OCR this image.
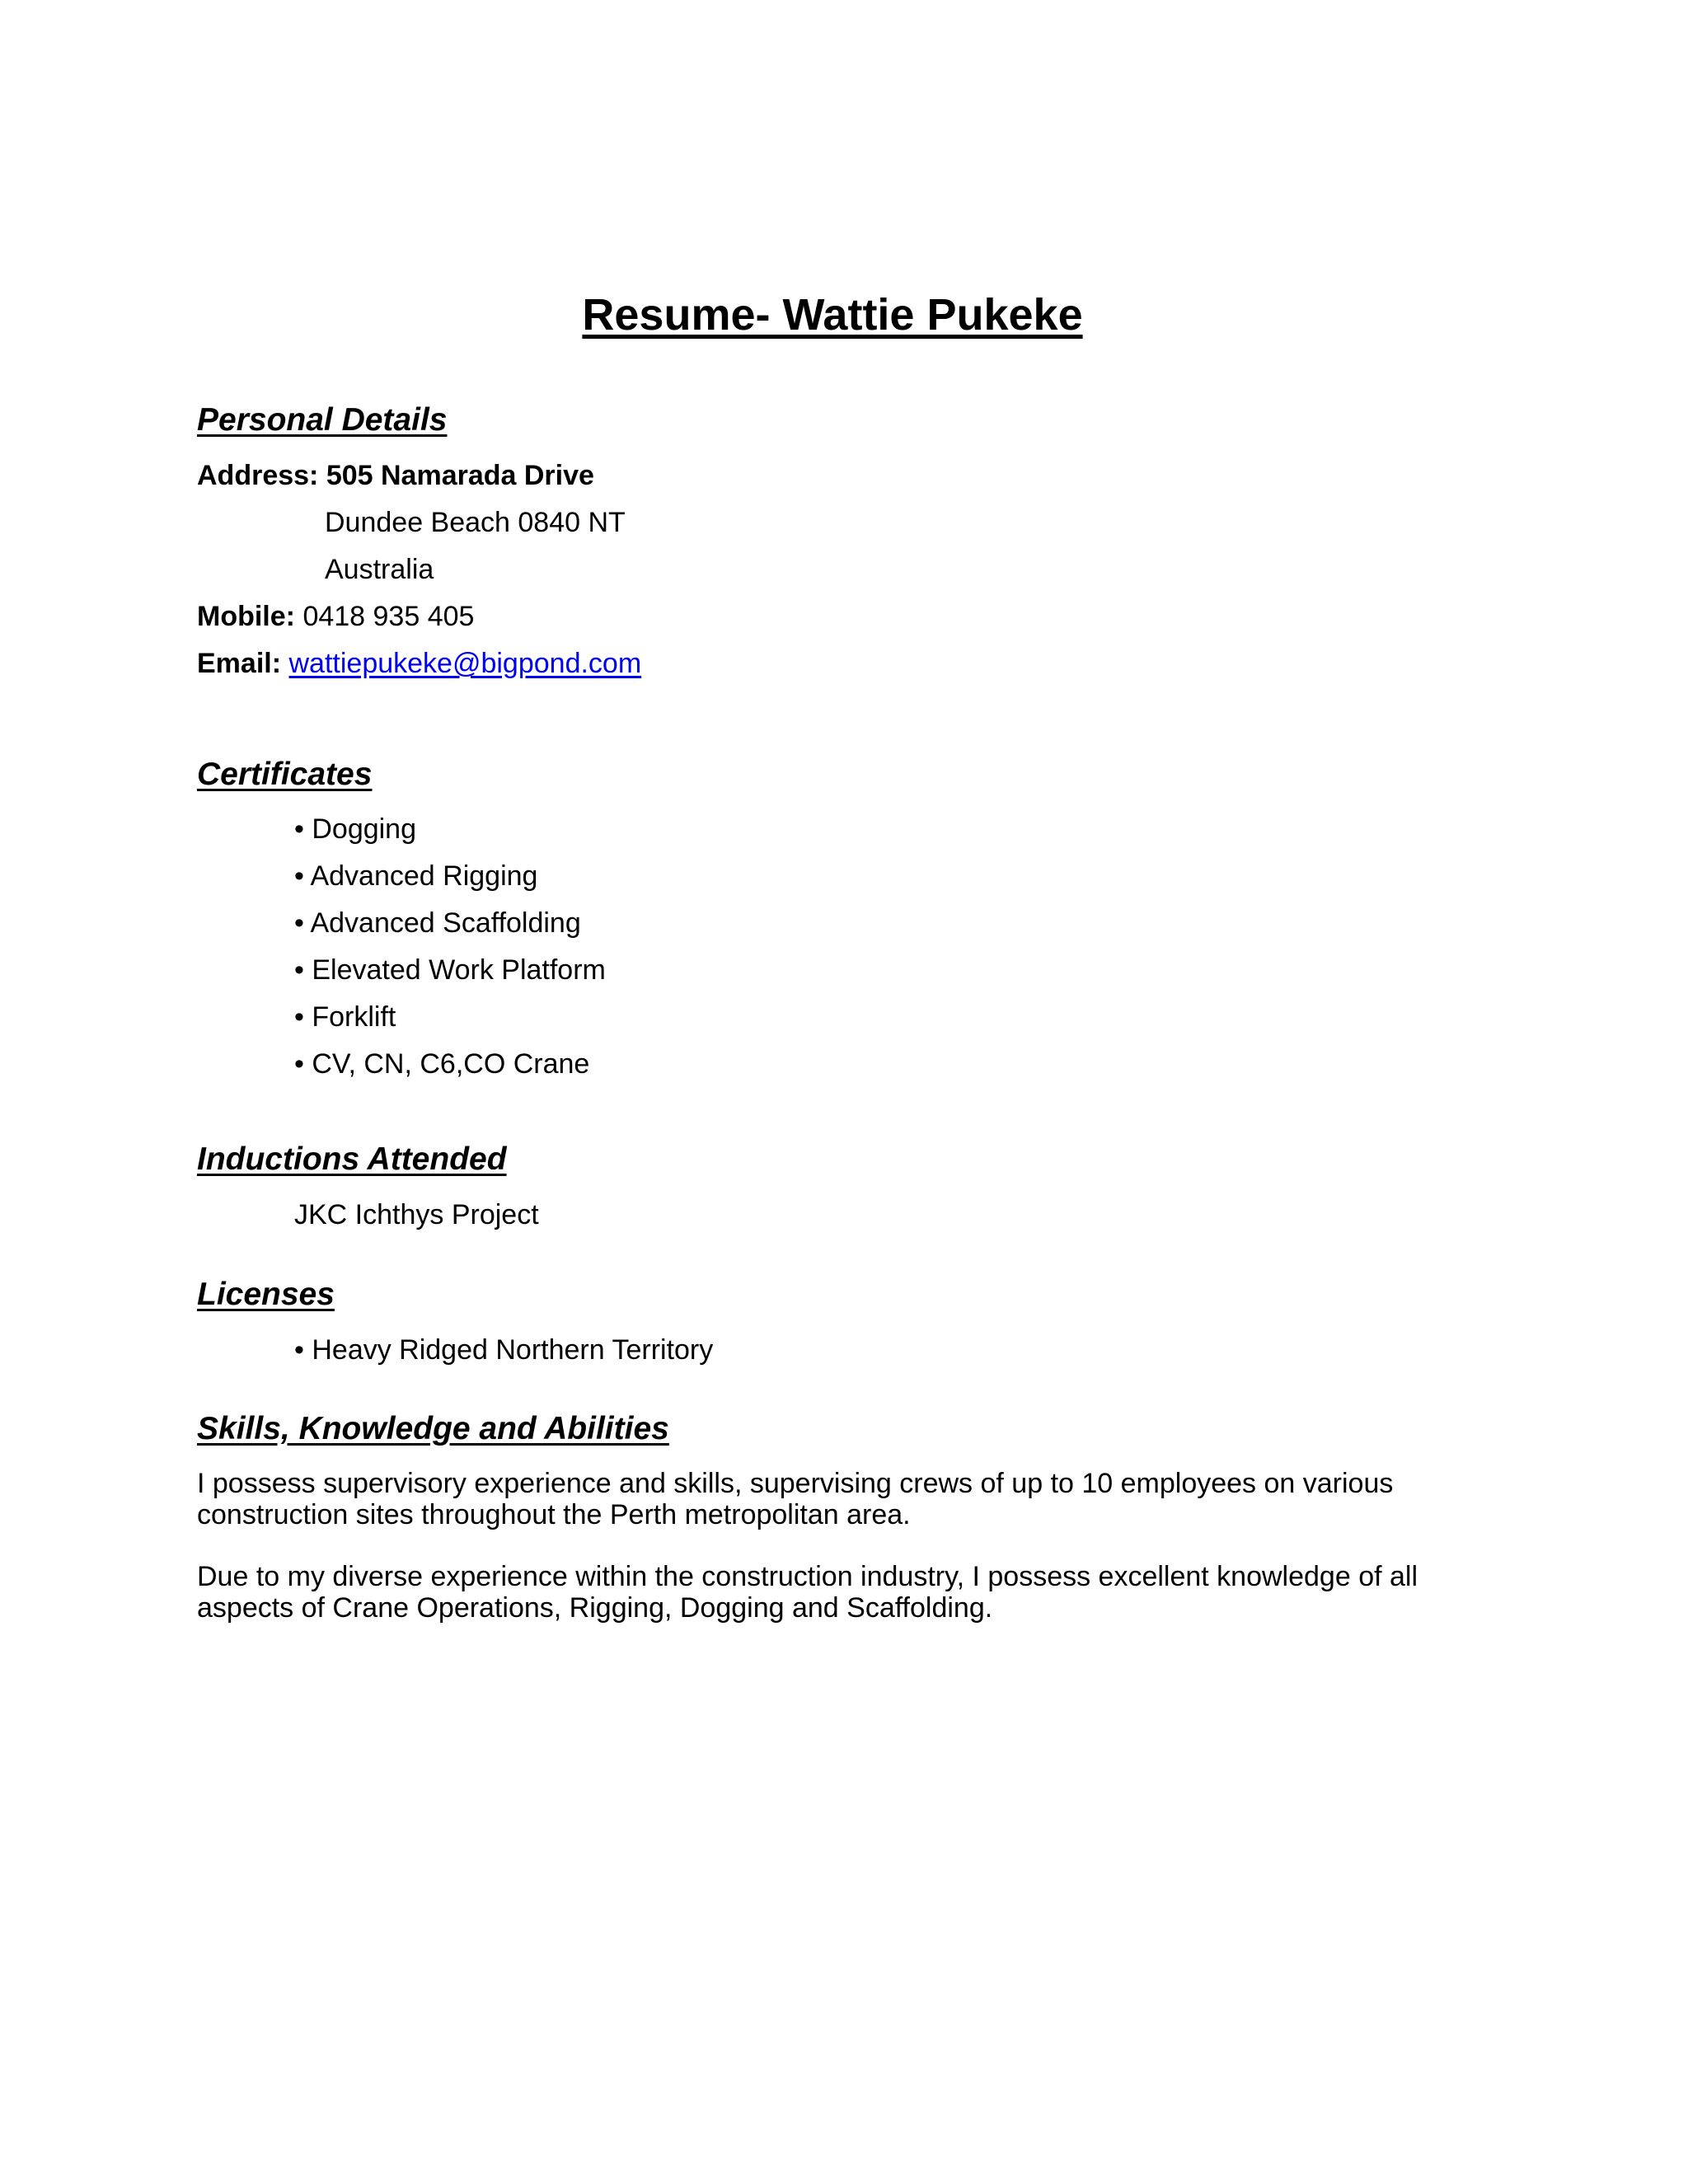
Resume- Wattie Pukeke
Personal Details
Address: 505 Namarada Drive
Dundee Beach 0840 NT
Australia
Mobile: 0418 935 405
Email: wattiepukeke@bigpond.com
Certificates
• Dogging
• Advanced Rigging
• Advanced Scaffolding
• Elevated Work Platform
• Forklift
• CV, CN, C6,CO Crane
Inductions Attended
JKC Ichthys Project
Licenses
• Heavy Ridged Northern Territory
Skills, Knowledge and Abilities

I possess supervisory experience and skills, supervising crews of up to 10 employees on various construction sites throughout the Perth metropolitan area.

Due to my diverse experience within the construction industry, I possess excellent knowledge of all aspects of Crane Operations, Rigging, Dogging and Scaffolding.
